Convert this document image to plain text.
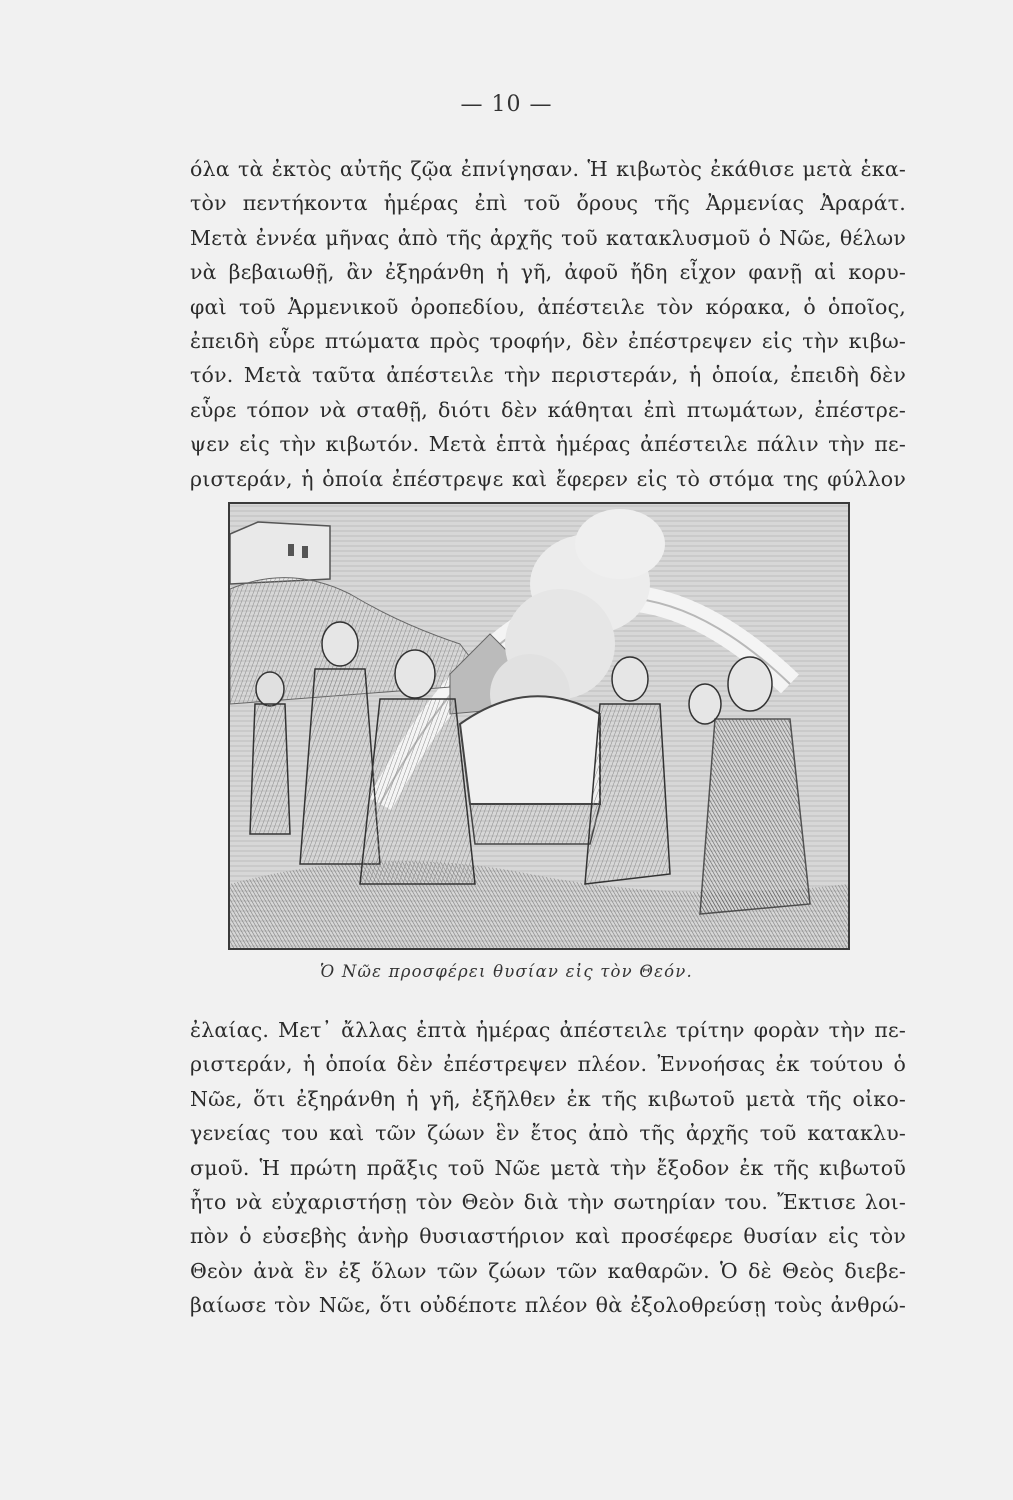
— 10 —
όλα τὰ ἐκτὸς αὐτῆς ζῷα ἐπνίγησαν. Ἡ κιβωτὸς ἐκάθισε μετὰ ἑκα-
τὸν πεντήκοντα ἡμέρας ἐπὶ τοῦ ὄρους τῆς Ἀρμενίας Ἀραράτ.
Μετὰ ἐννέα μῆνας ἀπὸ τῆς ἀρχῆς τοῦ κατακλυσμοῦ ὁ Νῶε, θέλων
νὰ βεβαιωθῇ, ἂν ἐξηράνθη ἡ γῆ, ἀφοῦ ἤδη εἶχον φανῇ αἱ κορυ-
φαὶ τοῦ Ἀρμενικοῦ ὀροπεδίου, ἀπέστειλε τὸν κόρακα, ὁ ὁποῖος,
ἐπειδὴ εὗρε πτώματα πρὸς τροφήν, δὲν ἐπέστρεψεν εἰς τὴν κιβω-
τόν. Μετὰ ταῦτα ἀπέστειλε τὴν περιστεράν, ἡ ὁποία, ἐπειδὴ δὲν
εὗρε τόπον νὰ σταθῇ, διότι δὲν κάθηται ἐπὶ πτωμάτων, ἐπέστρε-
ψεν εἰς τὴν κιβωτόν. Μετὰ ἑπτὰ ἡμέρας ἀπέστειλε πάλιν τὴν πε-
ριστεράν, ἡ ὁποία ἐπέστρεψε καὶ ἔφερεν εἰς τὸ στόμα της φύλλον
Ὁ Νῶε προσφέρει θυσίαν εἰς τὸν Θεόν.
ἐλαίας. Μετ᾽ ἄλλας ἑπτὰ ἡμέρας ἀπέστειλε τρίτην φορὰν τὴν πε-
ριστεράν, ἡ ὁποία δὲν ἐπέστρεψεν πλέον. Ἐννοήσας ἐκ τούτου ὁ
Νῶε, ὅτι ἐξηράνθη ἡ γῆ, ἐξῆλθεν ἐκ τῆς κιβωτοῦ μετὰ τῆς οἰκο-
γενείας του καὶ τῶν ζώων ἓν ἔτος ἀπὸ τῆς ἀρχῆς τοῦ κατακλυ-
σμοῦ. Ἡ πρώτη πρᾶξις τοῦ Νῶε μετὰ τὴν ἔξοδον ἐκ τῆς κιβωτοῦ
ἦτο νὰ εὐχαριστήσῃ τὸν Θεὸν διὰ τὴν σωτηρίαν του. Ἔκτισε λοι-
πὸν ὁ εὐσεβὴς ἀνὴρ θυσιαστήριον καὶ προσέφερε θυσίαν εἰς τὸν
Θεὸν ἀνὰ ἓν ἐξ ὅλων τῶν ζώων τῶν καθαρῶν. Ὁ δὲ Θεὸς διεβε-
βαίωσε τὸν Νῶε, ὅτι οὐδέποτε πλέον θὰ ἐξολοθρεύσῃ τοὺς ἀνθρώ-
